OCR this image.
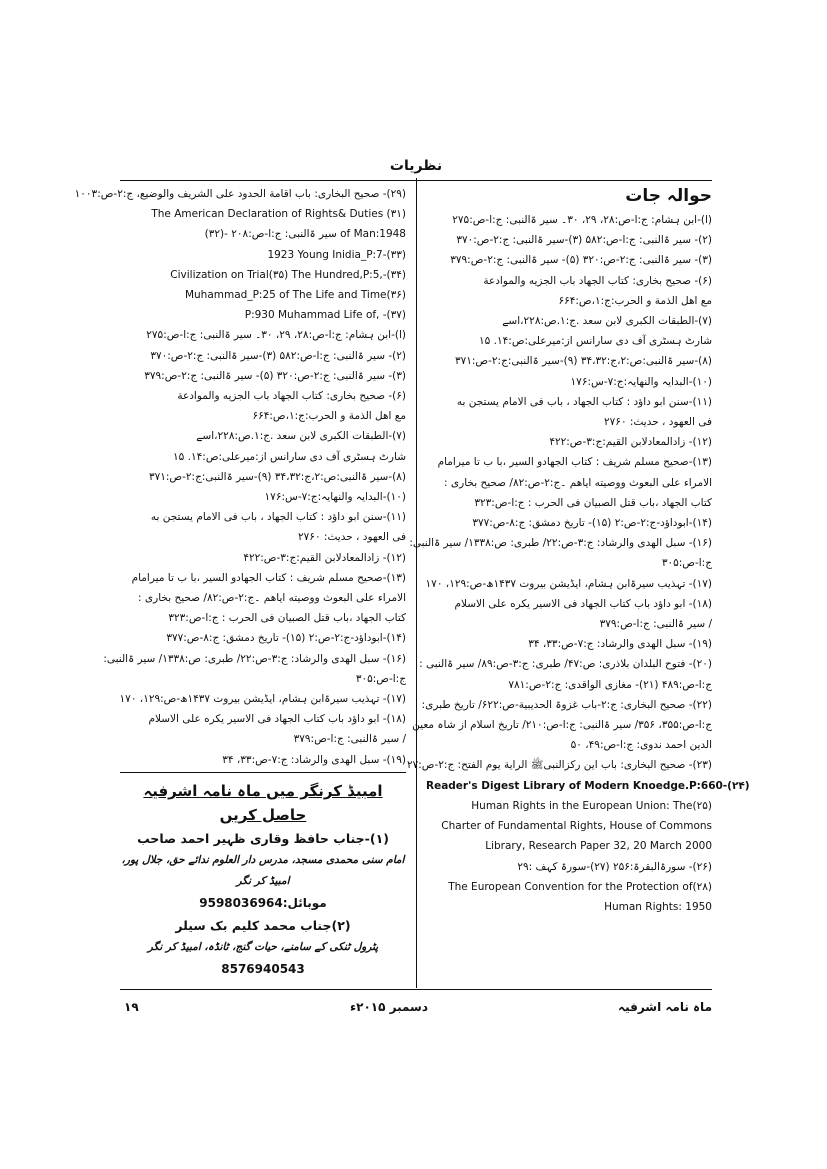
نظریات
حوالہ جات
(ا)-ابن ہشام: ج:ا-ص:۲۸، ۲۹، ۳۰۔ سیر ۃالنبی: ج:ا-ص:۲۷۵
(۲)- سیر ۃالنبی: ج:ا-ص:۵۸۲ (۳)-سیر ۃالنبی: ج:۲-ص:۳۷۰
(۳)- سیر ۃالنبی: ج:۲-ص:۳۲۰ (۵)- سیر ۃالنبی: ج:۲-ص:۳۷۹
(۶)- صحیح بخاری: کتاب الجهاد باب الجزیه والموادعة
مع اهل الذمة و الحرب:ج:۱،ص:۶۶۴
(۷)-الطبقات الکبری لابن سعد .ج:۱.ص:۲۲۸،اسے
شارٹ ہسٹری آف دی سارانس از:میرعلی:ص:۱۴. ۱۵
(۸)-سیر ۃالنبی:ص:۲،ج:۳۴،۳۲ (۹)-سیر ۃالنبی:ج:۲-ص:۳۷۱
(۱۰)-البدایہ والنھایہ:ج:۷-س:۱۷۶
(۱۱)-سنن ابو داؤد : کتاب الجهاد ، باب فی الامام یستجن به
فی العهود ، حدیث: ۲۷۶۰
(۱۲)- زادالمعادلابن القیم:ج:۳-ص:۴۲۲
(۱۳)-صحیح مسلم شریف : کتاب الجهادو السیر ،با ب تا میرامام
الامراء علی البعوث ووصیته ایاهم ۔ج:۲-ص:۸۲/ صحیح بخاری :
کتاب الجهاد ،باب قتل الصبیان فی الحرب : ج:ا-ص:۳۲۳
(۱۴)-ابوداؤد-ج:۲-ص:۲ (۱۵)- تاریخ دمشق: ج:۸-ص:۳۷۷
(۱۶)- سبل الھدی والرشاد: ج:۳-ص:۲۲/ طبری: ص:۱۳۳۸/ سیر ۃالنبی:
ج:ا-ص:۳۰۵
(۱۷)- تہذیب سیرۃابن ہشام، ایڈیشن بیروت ۱۴۳۷ھ-ص:۱۲۹، ۱۷۰
(۱۸)- ابو داؤد باب کتاب الجهاد فی الاسیر یکره علی الاسلام
/ سیر ۃالنبی: ج:ا-ص:۳۷۹
(۱۹)- سبل الھدی والرشاد: ج:۷-ص:۳۳، ۳۴
(۲۰)- فتوح البلدان بلاذری: ص:۴۷/ طبری: ج:۳-ص:۸۹/ سیر ۃالنبی :
ج:ا-ص:۴۸۹ (۲۱)- مغازی الواقدی: ج:۲-ص:۷۸۱
(۲۲)- صحیح البخاری: ج:۲-باب غزوۃ الحدیبیة-ص:۶۲۲/ تاریخ طبری:
ج:ا-ص:۳۵۵، ۳۵۶/ سیر ۃالنبی: ج:ا-ص:۲۱۰/ تاریخ اسلام از شاہ معین
الدین احمد ندوی: ج:ا-ص:۴۹، ۵۰
(۲۳)- صحیح البخاری: باب این رکزالنبیﷺ الرایة یوم الفتح: ج:۲-ص:۲۷
Reader's Digest Library of Modern Knoedge.P:660-(۲۴)
Human Rights in the European Union: The(۲۵)
Charter of Fundamental Rights, House of Commons
Library, Research Paper 32, 20 March 2000
(۲۶)- سورۃالبقرۃ:۲۵۶ (۲۷)-سورۃ کہف :۲۹
The European Convention for the Protection of(۲۸)
Human Rights: 1950
(۲۹)- صحیح البخاری: باب اقامة الحدود علی الشریف والوضیع، ج:۲-ص:۱۰۰۳
The American Declaration of Rights& Duties (۳۱)
(۳۲)- سیر ۃالنبی: ج:ا-ص:۲۰۸ of Man:1948
1923 Young Inidia_P:7-(۳۳)
Civilization on Trial(۳۵) The Hundred,P:5,-(۳۴)
Muhammad_P:25 of The Life and Time(۳۶)
P:930 Muhammad Life of, -(۳۷)
(ا)-ابن ہشام: ج:ا-ص:۲۸، ۲۹، ۳۰۔ سیر ۃالنبی: ج:ا-ص:۲۷۵
(۲)- سیر ۃالنبی: ج:ا-ص:۵۸۲ (۳)-سیر ۃالنبی: ج:۲-ص:۳۷۰
(۳)- سیر ۃالنبی: ج:۲-ص:۳۲۰ (۵)- سیر ۃالنبی: ج:۲-ص:۳۷۹
(۶)- صحیح بخاری: کتاب الجهاد باب الجزیه والموادعة
مع اهل الذمة و الحرب:ج:۱،ص:۶۶۴
(۷)-الطبقات الکبری لابن سعد .ج:۱.ص:۲۲۸،اسے
شارٹ ہسٹری آف دی سارانس از:میرعلی:ص:۱۴. ۱۵
(۸)-سیر ۃالنبی:ص:۲،ج:۳۴،۳۲ (۹)-سیر ۃالنبی:ج:۲-ص:۳۷۱
(۱۰)-البدایہ والنھایہ:ج:۷-س:۱۷۶
(۱۱)-سنن ابو داؤد : کتاب الجهاد ، باب فی الامام یستجن به
فی العهود ، حدیث: ۲۷۶۰
(۱۲)- زادالمعادلابن القیم:ج:۳-ص:۴۲۲
(۱۳)-صحیح مسلم شریف : کتاب الجهادو السیر ،با ب تا میرامام
الامراء علی البعوث ووصیته ایاهم ۔ج:۲-ص:۸۲/ صحیح بخاری :
کتاب الجهاد ،باب قتل الصبیان فی الحرب : ج:ا-ص:۳۲۳
(۱۴)-ابوداؤد-ج:۲-ص:۲ (۱۵)- تاریخ دمشق: ج:۸-ص:۳۷۷
(۱۶)- سبل الھدی والرشاد: ج:۳-ص:۲۲/ طبری: ص:۱۳۳۸/ سیر ۃالنبی:
ج:ا-ص:۳۰۵
(۱۷)- تہذیب سیرۃابن ہشام، ایڈیشن بیروت ۱۴۳۷ھ-ص:۱۲۹، ۱۷۰
(۱۸)- ابو داؤد باب کتاب الجهاد فی الاسیر یکره علی الاسلام
/ سیر ۃالنبی: ج:ا-ص:۳۷۹
(۱۹)- سبل الھدی والرشاد: ج:۷-ص:۳۳، ۳۴
امبیڈ کرنگر میں ماہ نامہ اشرفیہ حاصل کریں
(۱)-جناب حافظ وقاری ظہیر احمد صاحب
امام سنی محمدی مسجد، مدرس دار العلوم ندائے حق، جلال پور، امبیڈ کر نگر
موبائل:9598036964
(۲)جناب محمد کلیم بک سیلر
پٹرول ٹنکی کے سامنے، حیات گنج، ٹانڈہ، امبیڈ کر نگر
8576940543
ماہ نامہ اشرفیہ
دسمبر ۲۰۱۵ء
۱۹
